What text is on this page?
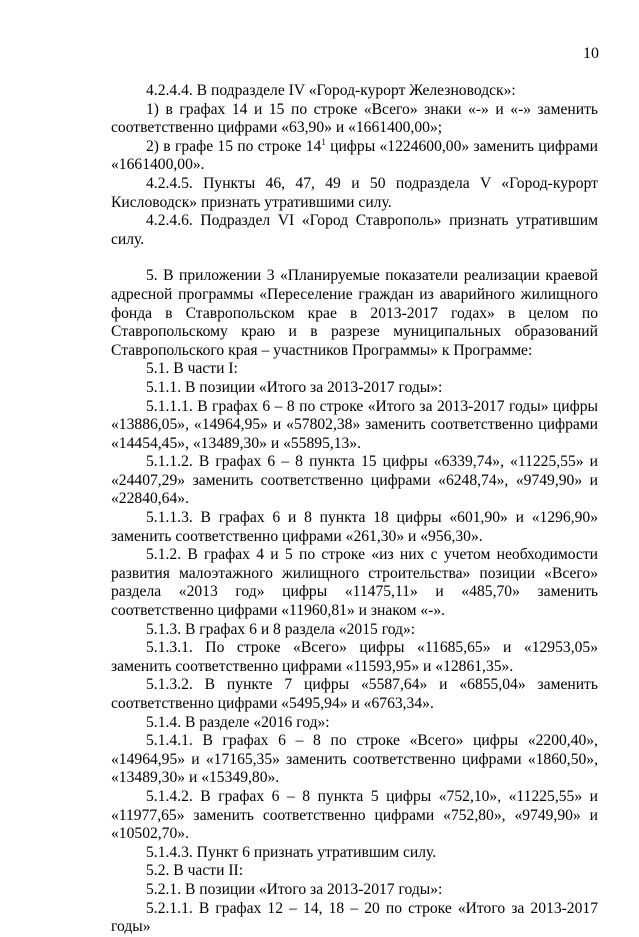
10

4.2.4.4. В подразделе IV «Город-курорт Железноводск»:

1) в графах 14 и 15 по строке «Всего» знаки «-» и «-» заменить соответственно цифрами «63,90» и «1661400,00»;

2) в графе 15 по строке $14^1$ цифры «1224600,00» заменить цифрами «1661400,00».

4.2.4.5. Пункты 46, 47, 49 и 50 подраздела V «Город-курорт Кисловодск» признать утратившими силу.

4.2.4.6. Подраздел VI «Город Ставрополь» признать утратившим силу.

5. В приложении 3 «Планируемые показатели реализации краевой адресной программы «Переселение граждан из аварийного жилищного фонда в Ставропольском крае в 2013-2017 годах» в целом по Ставропольскому краю и в разрезе муниципальных образований Ставропольского края – участников Программы» к Программе:

5.1. В части I:

5.1.1. В позиции «Итого за 2013-2017 годы»:

5.1.1.1. В графах 6 – 8 по строке «Итого за 2013-2017 годы» цифры «13886,05», «14964,95» и «57802,38» заменить соответственно цифрами «14454,45», «13489,30» и «55895,13».

5.1.1.2. В графах 6 – 8 пункта 15 цифры «6339,74», «11225,55» и «24407,29» заменить соответственно цифрами «6248,74», «9749,90» и «22840,64».

5.1.1.3. В графах 6 и 8 пункта 18 цифры «601,90» и «1296,90» заменить соответственно цифрами «261,30» и «956,30».

5.1.2. В графах 4 и 5 по строке «из них с учетом необходимости развития малоэтажного жилищного строительства» позиции «Всего» раздела «2013 год» цифры «11475,11» и «485,70» заменить соответственно цифрами «11960,81» и знаком «-».

5.1.3. В графах 6 и 8 раздела «2015 год»:

5.1.3.1. По строке «Всего» цифры «11685,65» и «12953,05» заменить соответственно цифрами «11593,95» и «12861,35».

5.1.3.2. В пункте 7 цифры «5587,64» и «6855,04» заменить соответственно цифрами «5495,94» и «6763,34».

5.1.4. В разделе «2016 год»:

5.1.4.1. В графах 6 – 8 по строке «Всего» цифры «2200,40», «14964,95» и «17165,35» заменить соответственно цифрами «1860,50», «13489,30» и «15349,80».

5.1.4.2. В графах 6 – 8 пункта 5 цифры «752,10», «11225,55» и «11977,65» заменить соответственно цифрами «752,80», «9749,90» и «10502,70».

5.1.4.3. Пункт 6 признать утратившим силу.

5.2. В части II:

5.2.1. В позиции «Итого за 2013-2017 годы»:

5.2.1.1. В графах 12 – 14, 18 – 20 по строке «Итого за 2013-2017 годы»
